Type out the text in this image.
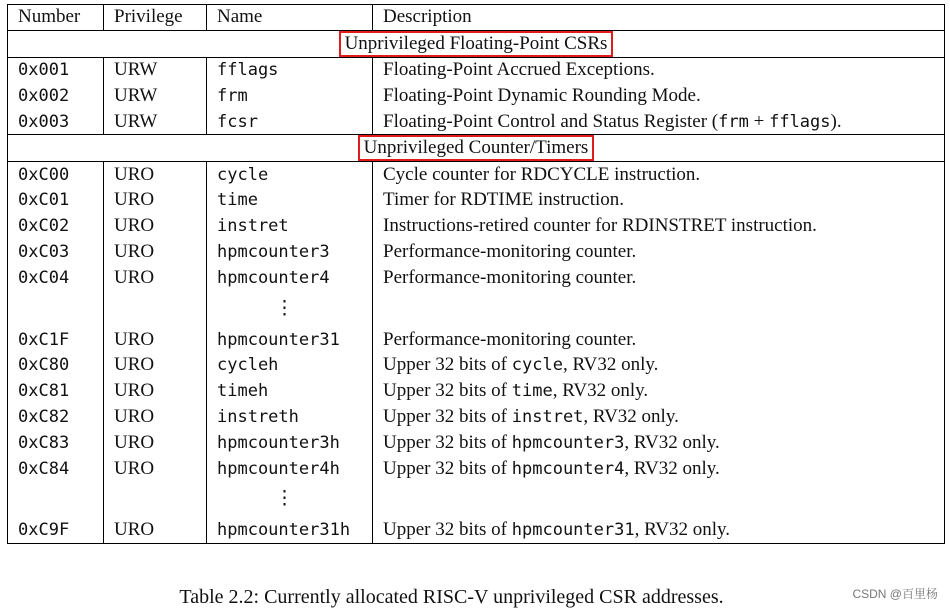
Number	Privilege	Name	Description
Unprivileged Floating-Point CSRs			
0x001	URW	fflags	Floating-Point Accrued Exceptions.
0x002	URW	frm	Floating-Point Dynamic Rounding Mode.
0x003	URW	fcsr	Floating-Point Control and Status Register (frm + fflags).
Unprivileged Counter/Timers			
0xC00	URO	cycle	Cycle counter for RDCYCLE instruction.
0xC01	URO	time	Timer for RDTIME instruction.
0xC02	URO	instret	Instructions-retired counter for RDINSTRET instruction.
0xC03	URO	hpmcounter3	Performance-monitoring counter.
0xC04	URO	hpmcounter4	Performance-monitoring counter.
		⋮	
0xC1F	URO	hpmcounter31	Performance-monitoring counter.
0xC80	URO	cycleh	Upper 32 bits of cycle, RV32 only.
0xC81	URO	timeh	Upper 32 bits of time, RV32 only.
0xC82	URO	instreth	Upper 32 bits of instret, RV32 only.
0xC83	URO	hpmcounter3h	Upper 32 bits of hpmcounter3, RV32 only.
0xC84	URO	hpmcounter4h	Upper 32 bits of hpmcounter4, RV32 only.
		⋮	
0xC9F	URO	hpmcounter31h	Upper 32 bits of hpmcounter31, RV32 only.
Table 2.2: Currently allocated RISC-V unprivileged CSR addresses.	CSDN @百里杨
